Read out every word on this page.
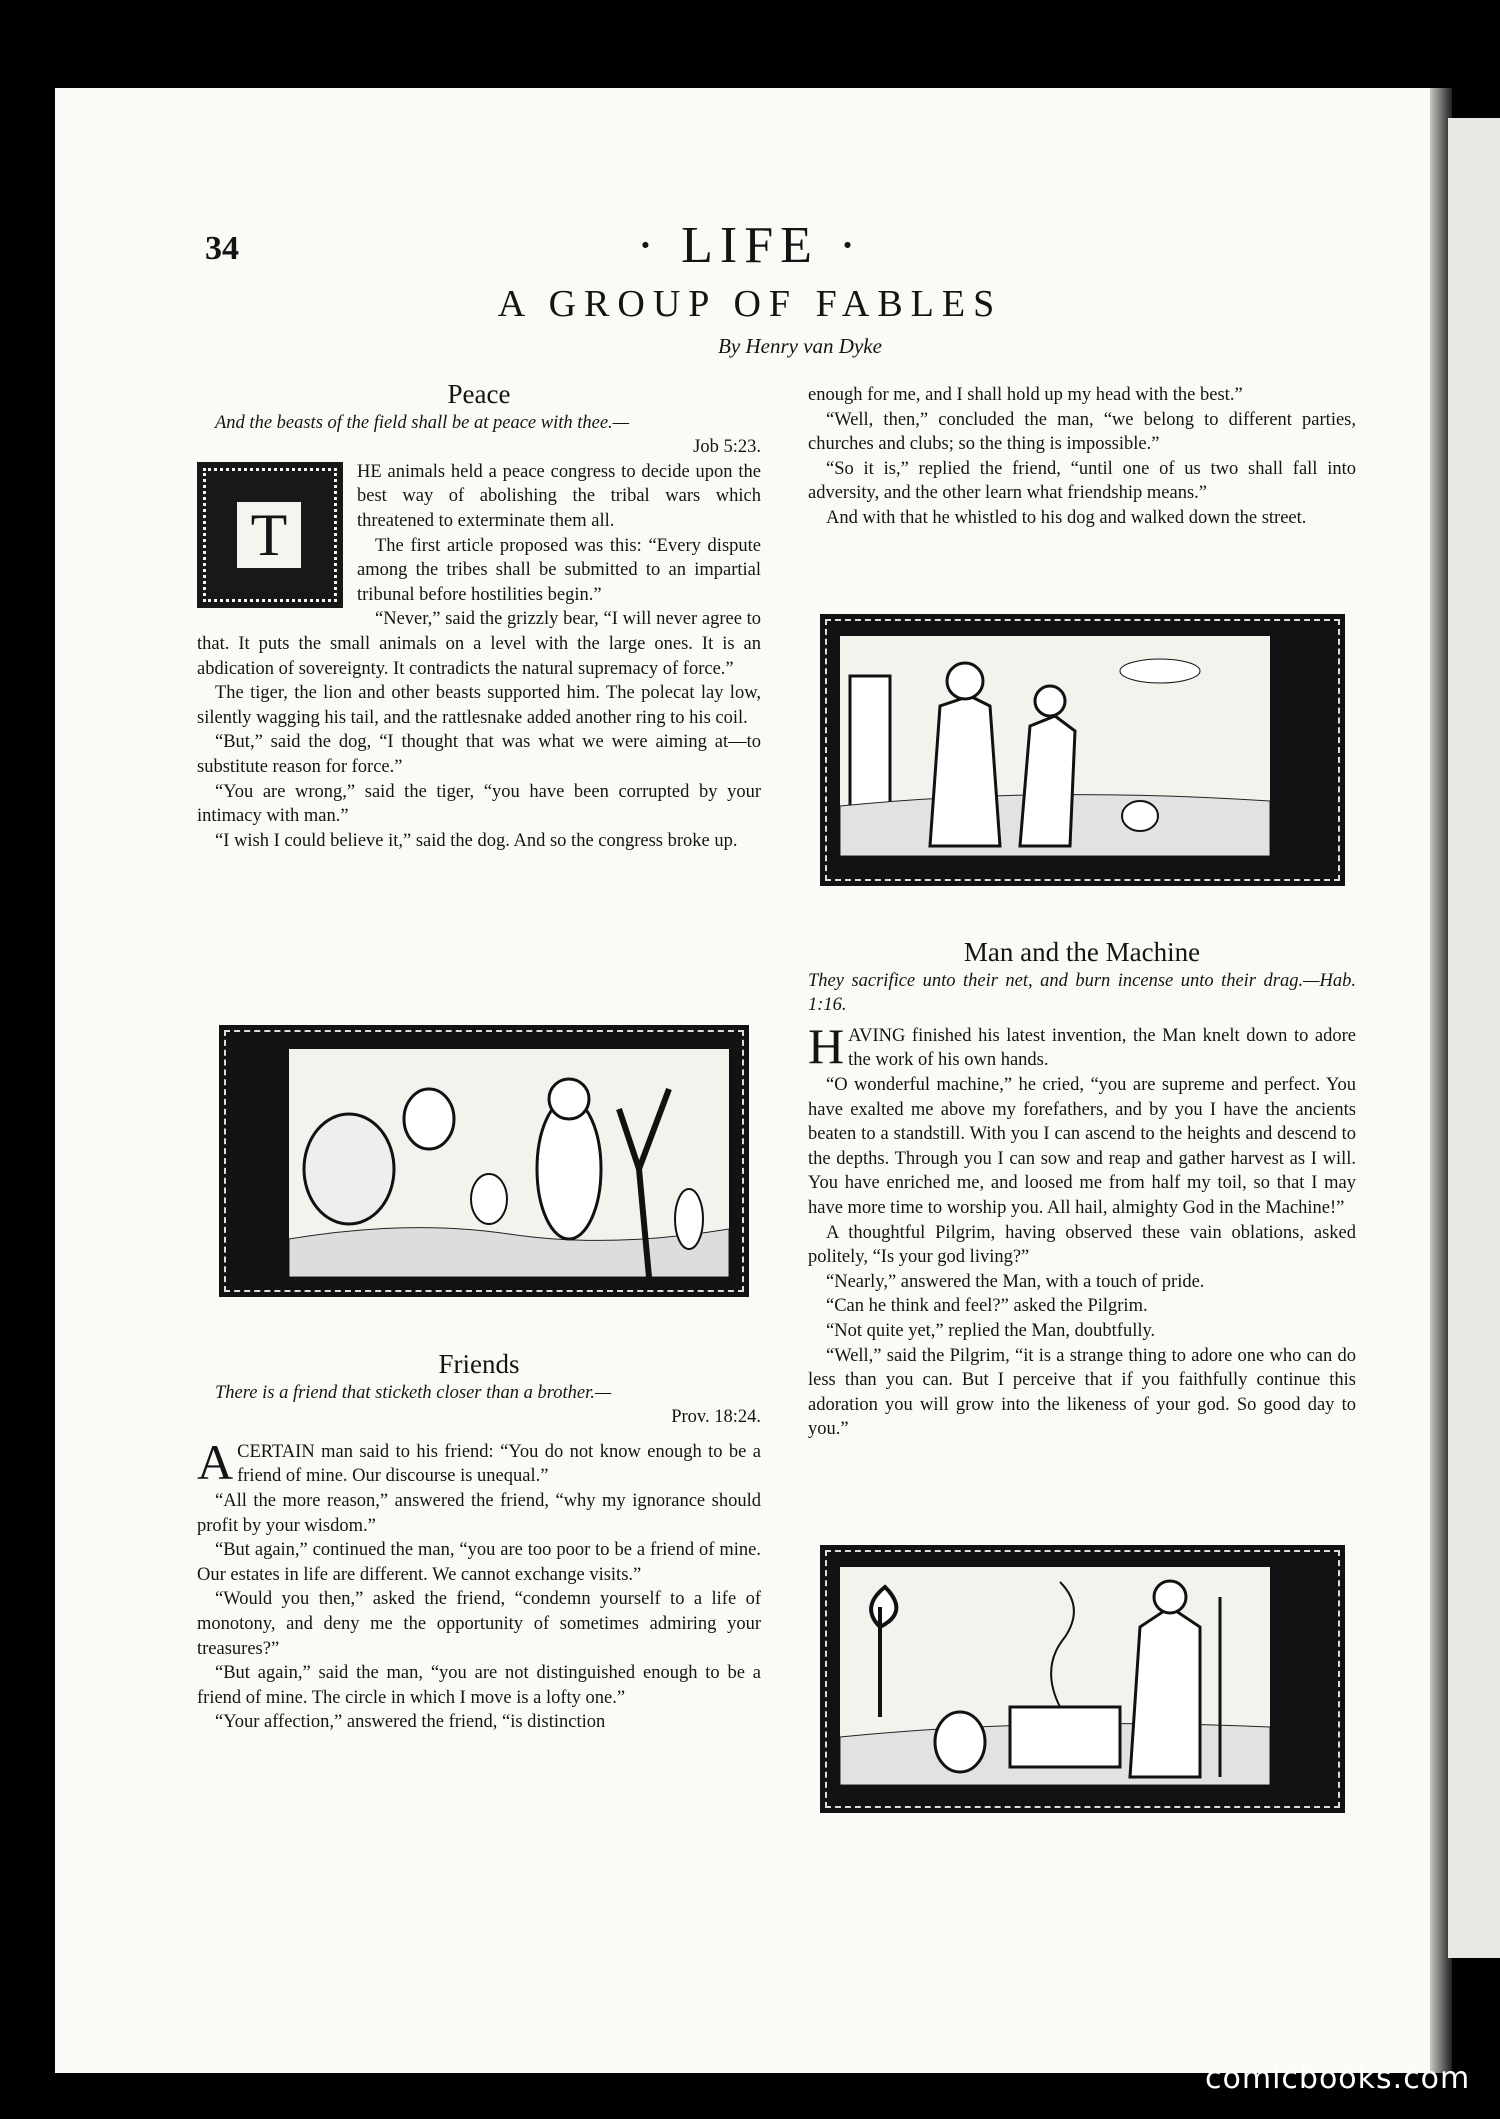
34	· LIFE ·
A GROUP OF FABLES
By Henry van Dyke
Peace
And the beasts of the field shall be at peace with thee.—
Job 5:23.
T

HE animals held a peace congress to decide upon the best way of abolishing the tribal wars which threatened to exterminate them all.

The first article proposed was this: “Every dispute among the tribes shall be submitted to an impartial tribunal before hostilities begin.”

“Never,” said the grizzly bear, “I will never agree to that. It puts the small animals on a level with the large ones. It is an abdication of sovereignty. It contradicts the natural supremacy of force.”

The tiger, the lion and other beasts supported him. The polecat lay low, silently wagging his tail, and the rattlesnake added another ring to his coil.

“But,” said the dog, “I thought that was what we were aiming at—to substitute reason for force.”

“You are wrong,” said the tiger, “you have been corrupted by your intimacy with man.”

“I wish I could believe it,” said the dog. And so the congress broke up.

Friends
There is a friend that sticketh closer than a brother.—
Prov. 18:24.

ACERTAIN man said to his friend: “You do not know enough to be a friend of mine. Our discourse is unequal.”

“All the more reason,” answered the friend, “why my ignorance should profit by your wisdom.”

“But again,” continued the man, “you are too poor to be a friend of mine. Our estates in life are different. We cannot exchange visits.”

“Would you then,” asked the friend, “condemn yourself to a life of monotony, and deny me the opportunity of sometimes admiring your treasures?”

“But again,” said the man, “you are not distinguished enough to be a friend of mine. The circle in which I move is a lofty one.”

“Your affection,” answered the friend, “is distinction

enough for me, and I shall hold up my head with the best.”

“Well, then,” concluded the man, “we belong to different parties, churches and clubs; so the thing is impossible.”

“So it is,” replied the friend, “until one of us two shall fall into adversity, and the other learn what friendship means.”

And with that he whistled to his dog and walked down the street.

Man and the Machine
They sacrifice unto their net, and burn incense unto their drag.—Hab. 1:16.

HAVING finished his latest invention, the Man knelt down to adore the work of his own hands.

“O wonderful machine,” he cried, “you are supreme and perfect. You have exalted me above my forefathers, and by you I have the ancients beaten to a standstill. With you I can ascend to the heights and descend to the depths. Through you I can sow and reap and gather harvest as I will. You have enriched me, and loosed me from half my toil, so that I may have more time to worship you. All hail, almighty God in the Machine!”

A thoughtful Pilgrim, having observed these vain oblations, asked politely, “Is your god living?”

“Nearly,” answered the Man, with a touch of pride.

“Can he think and feel?” asked the Pilgrim.

“Not quite yet,” replied the Man, doubtfully.

“Well,” said the Pilgrim, “it is a strange thing to adore one who can do less than you can. But I perceive that if you faithfully continue this adoration you will grow into the likeness of your god. So good day to you.”

comicbooks.com
